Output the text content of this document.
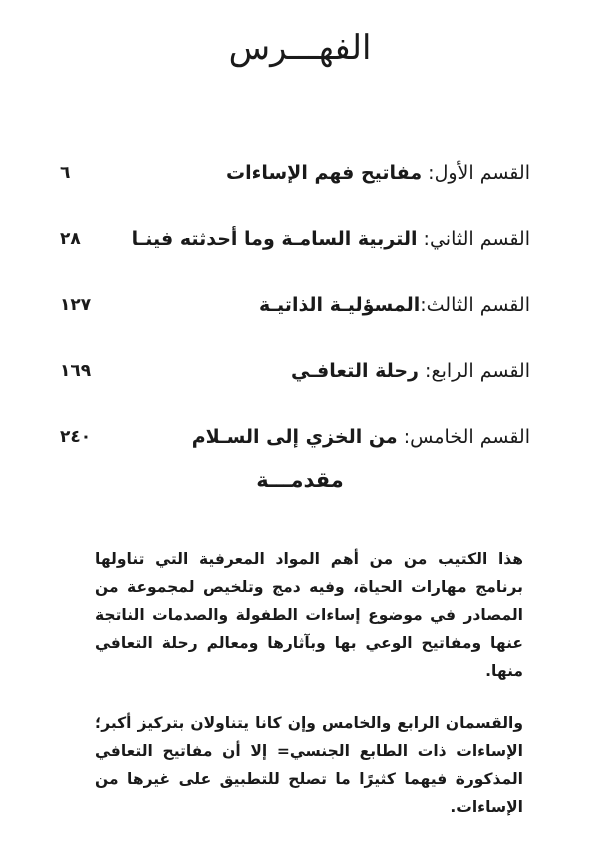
الفهـــرس
القسم الأول: مفاتيح فهم الإساءات
٦
القسم الثاني: التربية السامـة وما أحدثته فينـا
٢٨
القسم الثالث:المسؤليـة الذاتيـة
١٢٧
القسم الرابع: رحلة التعافـي
١٦٩
القسم الخامس: من الخزي إلى السـلام
٢٤٠
مقدمـــة

هذا الكتيب من من أهم المواد المعرفية التي تناولها برنامج مهارات الحياة، وفيه دمج وتلخيص لمجموعة من المصادر في موضوع إساءات الطفولة والصدمات الناتجة عنها ومفاتيح الوعي بها وبآثارها ومعالم رحلة التعافي منها.

والقسمان الرابع والخامس وإن كانا يتناولان بتركيز أكبر؛ الإساءات ذات الطابع الجنسي= إلا أن مفاتيح التعافي المذكورة فيهما كثيرًا ما تصلح للتطبيق على غيرها من الإساءات.
